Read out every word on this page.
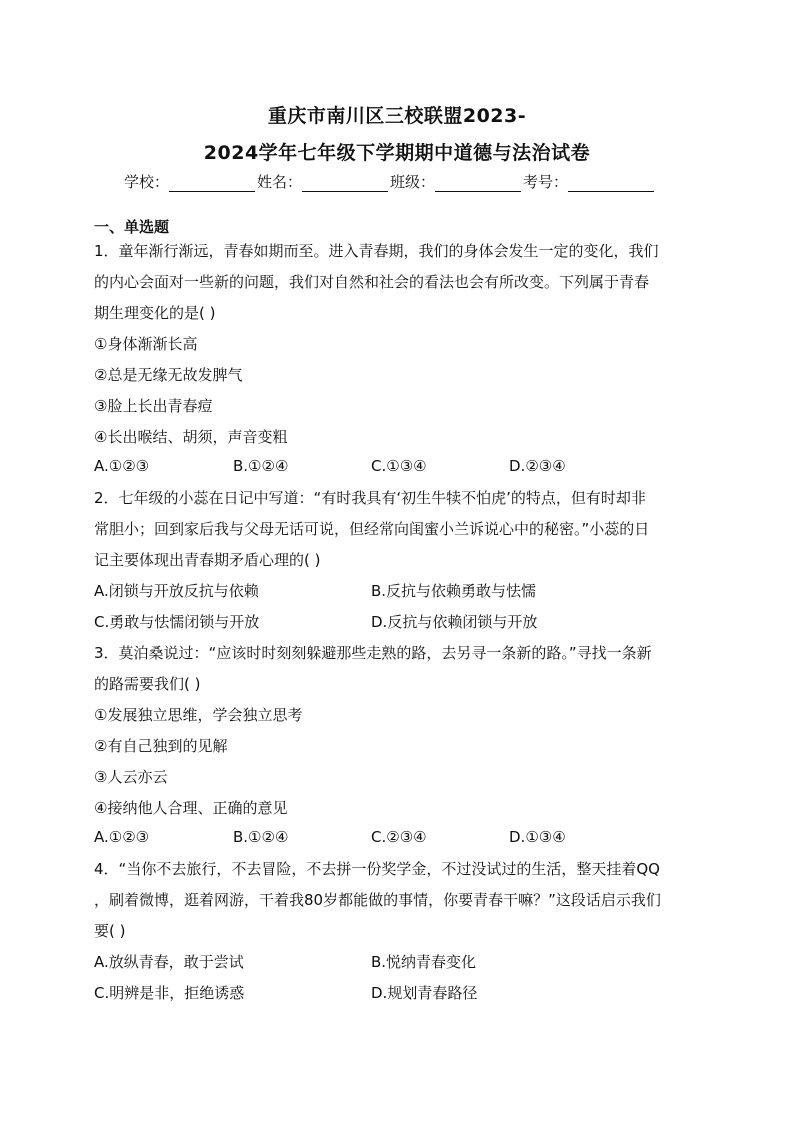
重庆市南川区三校联盟2023-
2024学年七年级下学期期中道德与法治试卷
学校：	姓名：	班级：	考号：
一、单选题
1．童年渐行渐远，青春如期而至。进入青春期，我们的身体会发生一定的变化，我们
的内心会面对一些新的问题，我们对自然和社会的看法也会有所改变。下列属于青春
期生理变化的是( )
①身体渐渐长高
②总是无缘无故发脾气
③脸上长出青春痘
④长出喉结、胡须，声音变粗
A.①②③	B.①②④	C.①③④	D.②③④
2．七年级的小蕊在日记中写道：“有时我具有‘初生牛犊不怕虎’的特点，但有时却非
常胆小；回到家后我与父母无话可说，但经常向闺蜜小兰诉说心中的秘密。”小蕊的日
记主要体现出青春期矛盾心理的( )
A.闭锁与开放反抗与依赖	B.反抗与依赖勇敢与怯懦
C.勇敢与怯懦闭锁与开放	D.反抗与依赖闭锁与开放
3．莫泊桑说过：“应该时时刻刻躲避那些走熟的路，去另寻一条新的路。”寻找一条新
的路需要我们( )
①发展独立思维，学会独立思考
②有自己独到的见解
③人云亦云
④接纳他人合理、正确的意见
A.①②③	B.①②④	C.②③④	D.①③④
4．“当你不去旅行，不去冒险，不去拼一份奖学金，不过没试过的生活，整天挂着QQ
，刷着微博，逛着网游，干着我80岁都能做的事情，你要青春干嘛？”这段话启示我们
要( )
A.放纵青春，敢于尝试	B.悦纳青春变化
C.明辨是非，拒绝诱惑	D.规划青春路径
